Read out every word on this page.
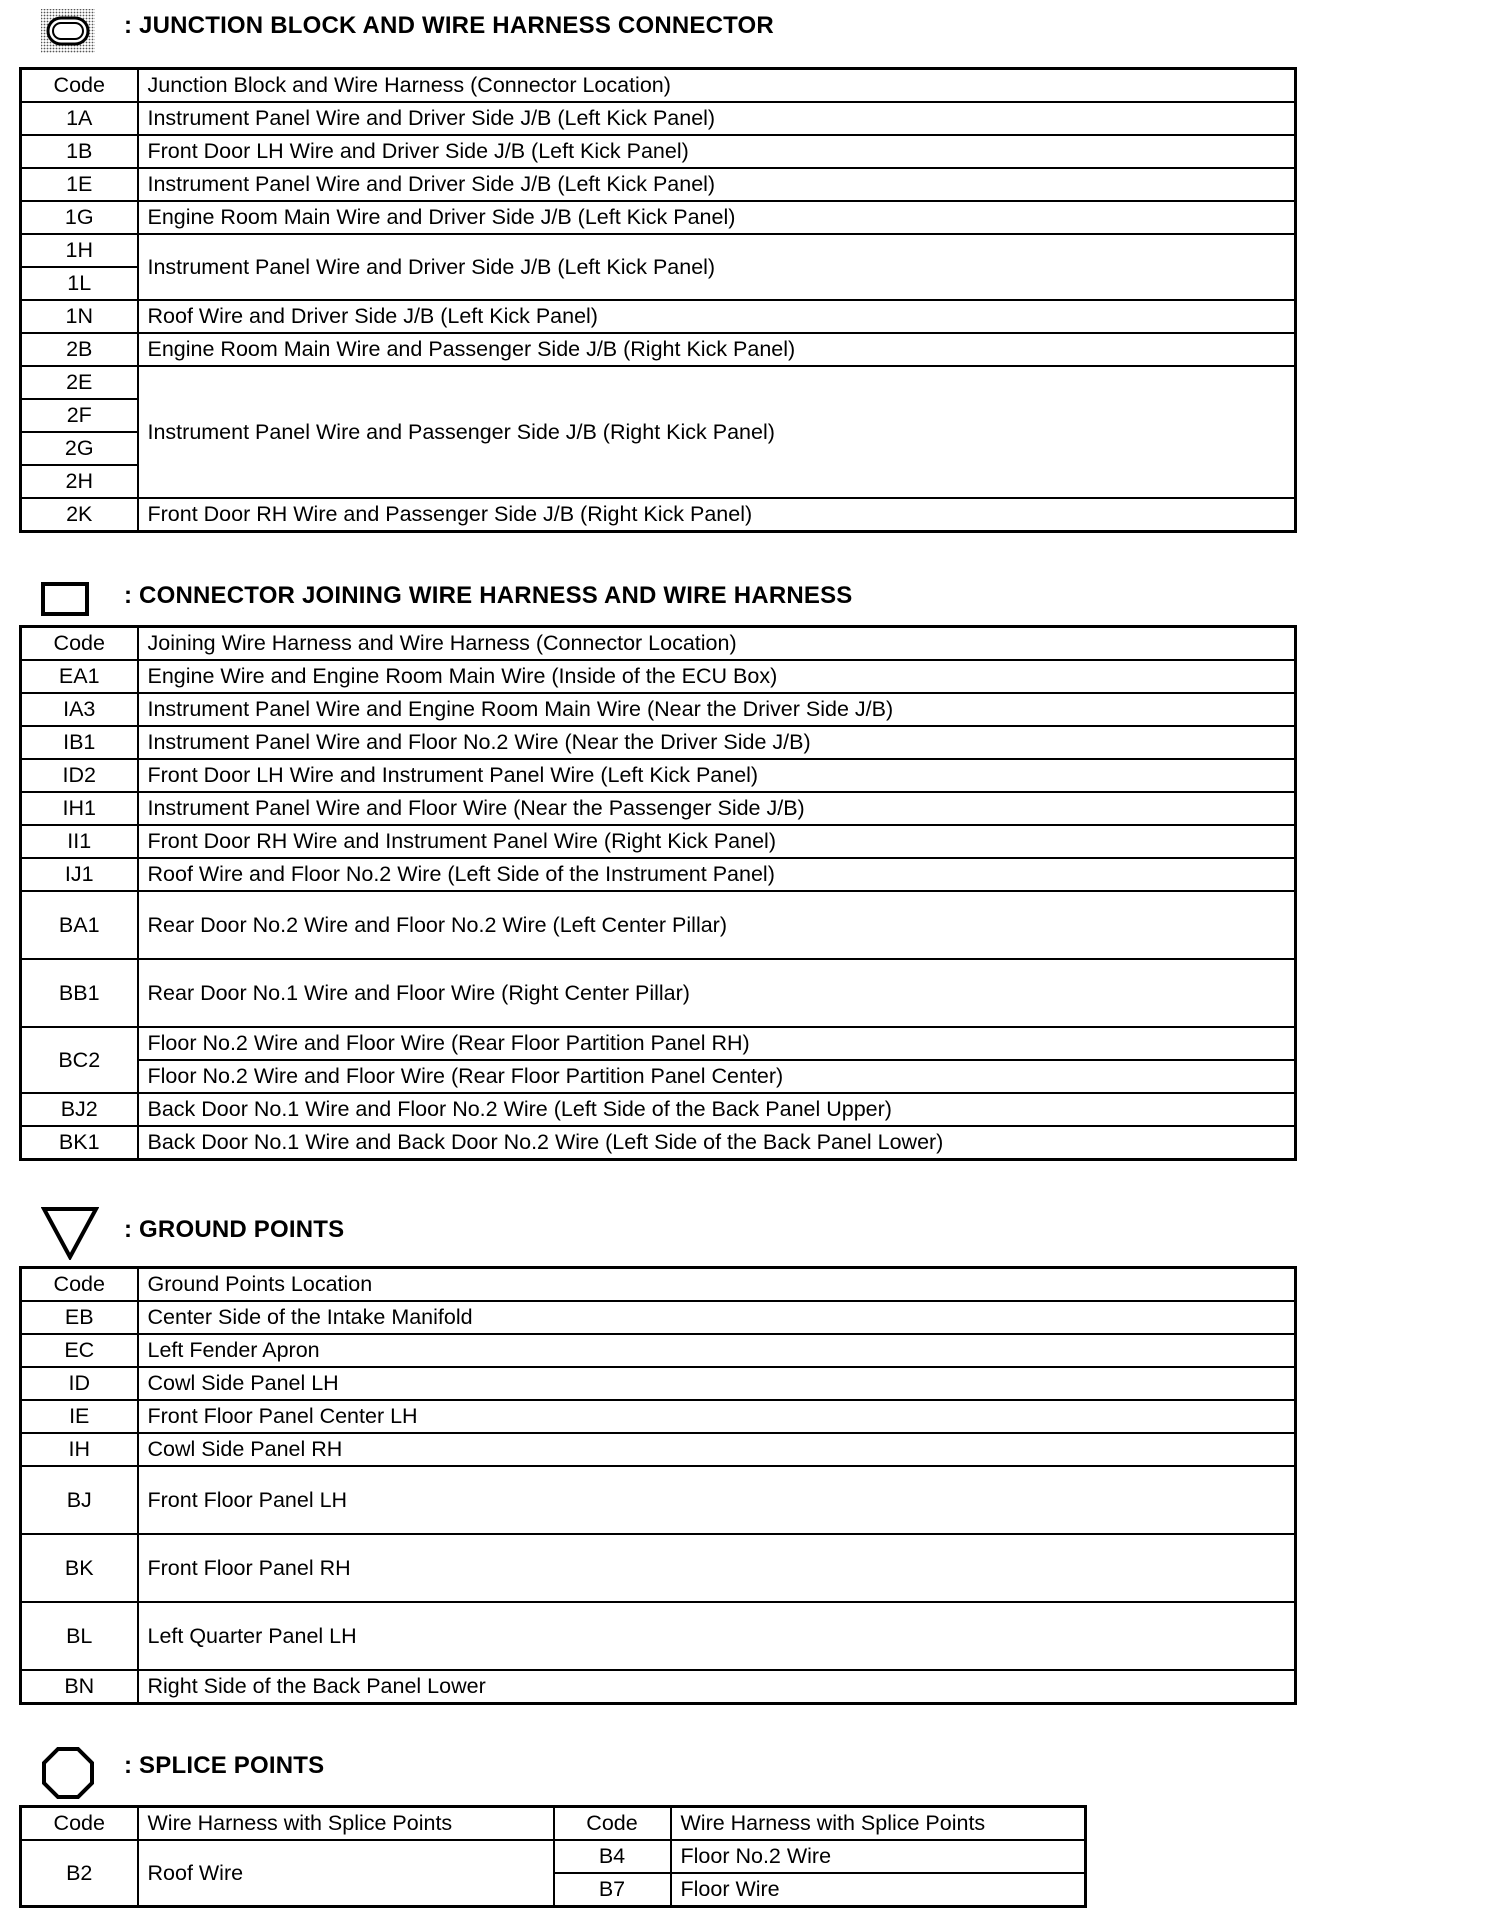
: JUNCTION BLOCK AND WIRE HARNESS CONNECTOR
Code	Junction Block and Wire Harness (Connector Location)
1A	Instrument Panel Wire and Driver Side J/B (Left Kick Panel)
1B	Front Door LH Wire and Driver Side J/B (Left Kick Panel)
1E	Instrument Panel Wire and Driver Side J/B (Left Kick Panel)
1G	Engine Room Main Wire and Driver Side J/B (Left Kick Panel)
1H	Instrument Panel Wire and Driver Side J/B (Left Kick Panel)
1L	
1N	Roof Wire and Driver Side J/B (Left Kick Panel)
2B	Engine Room Main Wire and Passenger Side J/B (Right Kick Panel)
2E	Instrument Panel Wire and Passenger Side J/B (Right Kick Panel)
2F	
2G	
2H	
2K	Front Door RH Wire and Passenger Side J/B (Right Kick Panel)
: CONNECTOR JOINING WIRE HARNESS AND WIRE HARNESS
Code	Joining Wire Harness and Wire Harness (Connector Location)
EA1	Engine Wire and Engine Room Main Wire (Inside of the ECU Box)
IA3	Instrument Panel Wire and Engine Room Main Wire (Near the Driver Side J/B)
IB1	Instrument Panel Wire and Floor No.2 Wire (Near the Driver Side J/B)
ID2	Front Door LH Wire and Instrument Panel Wire (Left Kick Panel)
IH1	Instrument Panel Wire and Floor Wire (Near the Passenger Side J/B)
II1	Front Door RH Wire and Instrument Panel Wire (Right Kick Panel)
IJ1	Roof Wire and Floor No.2 Wire (Left Side of the Instrument Panel)
BA1	Rear Door No.2 Wire and Floor No.2 Wire (Left Center Pillar)
BB1	Rear Door No.1 Wire and Floor Wire (Right Center Pillar)
BC2	Floor No.2 Wire and Floor Wire (Rear Floor Partition Panel RH)
	Floor No.2 Wire and Floor Wire (Rear Floor Partition Panel Center)
BJ2	Back Door No.1 Wire and Floor No.2 Wire (Left Side of the Back Panel Upper)
BK1	Back Door No.1 Wire and Back Door No.2 Wire (Left Side of the Back Panel Lower)
: GROUND POINTS
Code	Ground Points Location
EB	Center Side of the Intake Manifold
EC	Left Fender Apron
ID	Cowl Side Panel LH
IE	Front Floor Panel Center LH
IH	Cowl Side Panel RH
BJ	Front Floor Panel LH
BK	Front Floor Panel RH
BL	Left Quarter Panel LH
BN	Right Side of the Back Panel Lower
: SPLICE POINTS
Code	Wire Harness with Splice Points	Code	Wire Harness with Splice Points
B2	Roof Wire	B4	Floor No.2 Wire
		B7	Floor Wire
